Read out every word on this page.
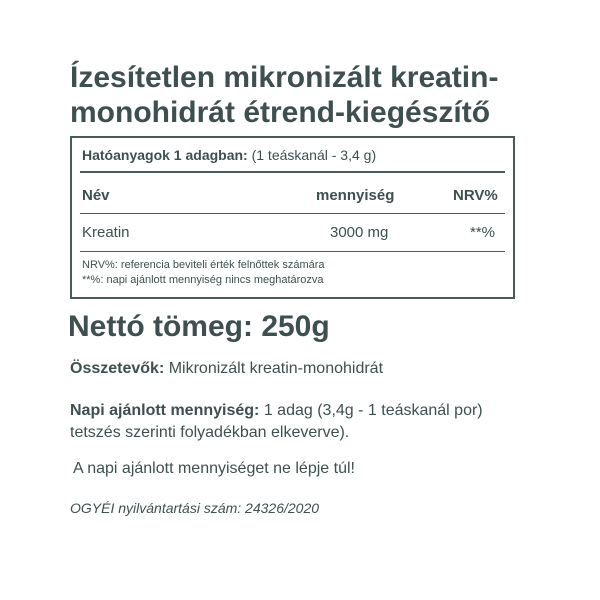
Ízesítetlen mikronizált kreatin-
monohidrát étrend-kiegészítő
Hatóanyagok 1 adagban: (1 teáskanál - 3,4 g)
Név	mennyiség	NRV%
Kreatin	3000 mg	**%
NRV%: referencia beviteli érték felnőttek számára
**%: napi ajánlott mennyiség nincs meghatározva
Nettó tömeg: 250g
Összetevők: Mikronizált kreatin-monohidrát
Napi ajánlott mennyiség: 1 adag (3,4g - 1 teáskanál por) tetszés szerinti folyadékban elkeverve).
A napi ajánlott mennyiséget ne lépje túl!
OGYÉI nyilvántartási szám: 24326/2020
